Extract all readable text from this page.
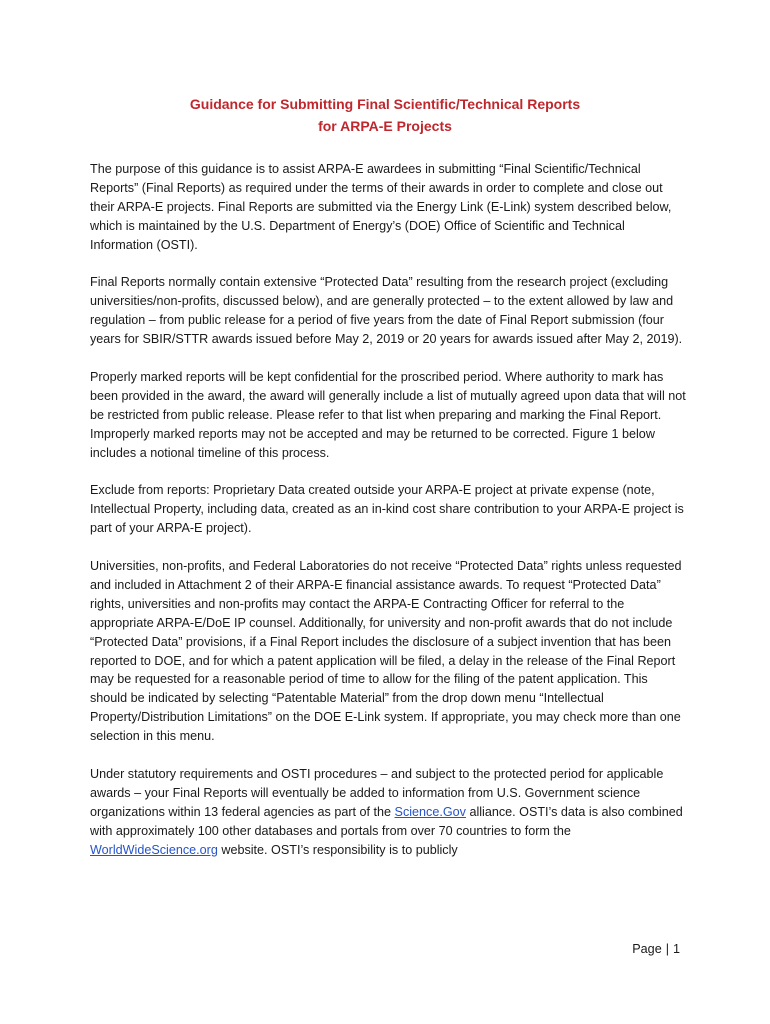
Guidance for Submitting Final Scientific/Technical Reports
for ARPA-E Projects

The purpose of this guidance is to assist ARPA-E awardees in submitting “Final Scientific/Technical Reports” (Final Reports) as required under the terms of their awards in order to complete and close out their ARPA-E projects. Final Reports are submitted via the Energy Link (E-Link) system described below, which is maintained by the U.S. Department of Energy’s (DOE) Office of Scientific and Technical Information (OSTI).

Final Reports normally contain extensive “Protected Data” resulting from the research project (excluding universities/non-profits, discussed below), and are generally protected – to the extent allowed by law and regulation – from public release for a period of five years from the date of Final Report submission (four years for SBIR/STTR awards issued before May 2, 2019 or 20 years for awards issued after May 2, 2019).

Properly marked reports will be kept confidential for the proscribed period. Where authority to mark has been provided in the award, the award will generally include a list of mutually agreed upon data that will not be restricted from public release. Please refer to that list when preparing and marking the Final Report. Improperly marked reports may not be accepted and may be returned to be corrected. Figure 1 below includes a notional timeline of this process.

Exclude from reports: Proprietary Data created outside your ARPA-E project at private expense (note, Intellectual Property, including data, created as an in-kind cost share contribution to your ARPA-E project is part of your ARPA-E project).

Universities, non-profits, and Federal Laboratories do not receive “Protected Data” rights unless requested and included in Attachment 2 of their ARPA-E financial assistance awards. To request “Protected Data” rights, universities and non-profits may contact the ARPA-E Contracting Officer for referral to the appropriate ARPA-E/DoE IP counsel. Additionally, for university and non-profit awards that do not include “Protected Data” provisions, if a Final Report includes the disclosure of a subject invention that has been reported to DOE, and for which a patent application will be filed, a delay in the release of the Final Report may be requested for a reasonable period of time to allow for the filing of the patent application. This should be indicated by selecting “Patentable Material” from the drop down menu “Intellectual Property/Distribution Limitations” on the DOE E-Link system. If appropriate, you may check more than one selection in this menu.

Under statutory requirements and OSTI procedures – and subject to the protected period for applicable awards – your Final Reports will eventually be added to information from U.S. Government science organizations within 13 federal agencies as part of the Science.Gov alliance. OSTI’s data is also combined with approximately 100 other databases and portals from over 70 countries to form the WorldWideScience.org website. OSTI’s responsibility is to publicly

Page | 1
